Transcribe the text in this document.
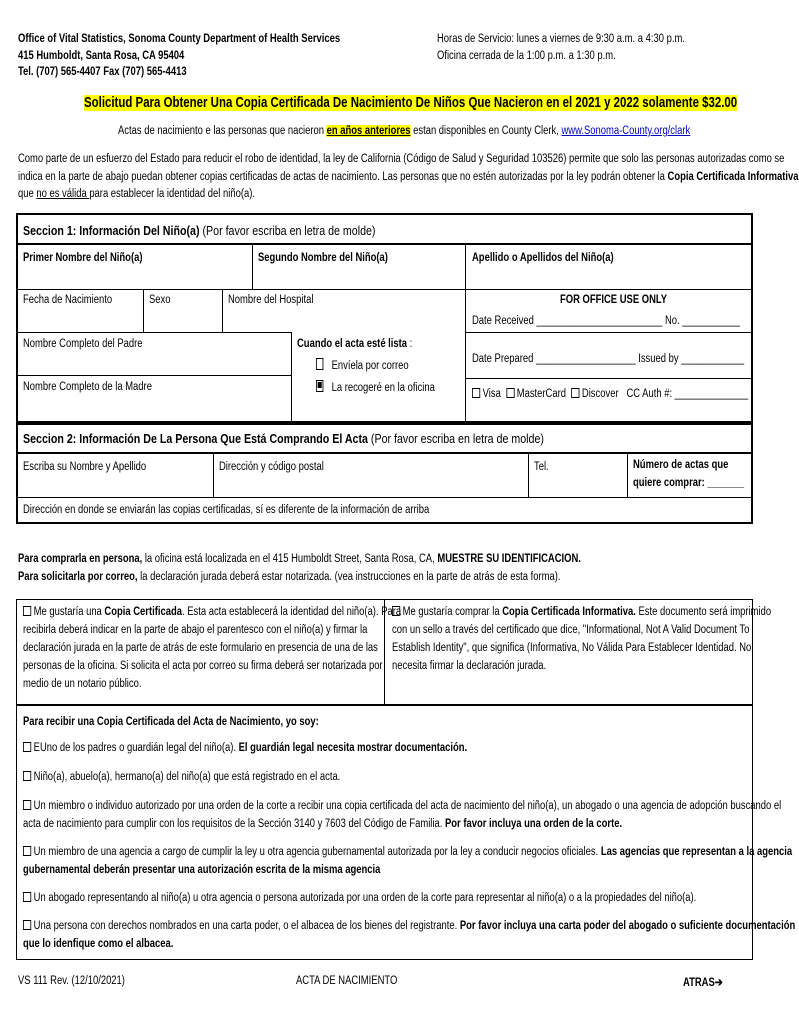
Office of Vital Statistics, Sonoma County Department of Health Services
415 Humboldt, Santa Rosa, CA 95404
Tel. (707) 565-4407 Fax (707) 565-4413
Horas de Servicio: lunes a viernes de 9:30 a.m. a 4:30 p.m.
Oficina cerrada de la 1:00 p.m. a 1:30 p.m.
Solicitud Para Obtener Una Copia Certificada De Nacimiento De Niños Que Nacieron en el 2021 y 2022 solamente $32.00
Actas de nacimiento e las personas que nacieron en años anteriores estan disponibles en County Clerk, www.Sonoma-County.org/clark
Como parte de un esfuerzo del Estado para reducir el robo de identidad, la ley de California (Código de Salud y Seguridad 103526) permite que solo las personas autorizadas como se
indica en la parte de abajo puedan obtener copias certificadas de actas de nacimiento. Las personas que no estén autorizadas por la ley podrán obtener la Copia Certificada Informativa
que no es válida para establecer la identidad del niño(a).
Seccion 1: Información Del Niño(a) (Por favor escriba en letra de molde)
Primer Nombre del Niño(a)	Segundo Nombre del Niño(a)	Apellido o Apellidos del Niño(a)
Fecha de Nacimiento	Sexo	Nombre del Hospital
Nombre Completo del Padre
Nombre Completo de la Madre
Cuando el acta esté lista :
Envíela por correo
La recogeré en la oficina
FOR OFFICE USE ONLY
Date Received ________________________ No. ___________
Date Prepared ___________________ Issued by ____________
Visa MasterCard Discover CC Auth #: ______________
Seccion 2: Información De La Persona Que Está Comprando El Acta (Por favor escriba en letra de molde)
Escriba su Nombre y Apellido	Dirección y código postal	Tel.	Número de actas que
quiere comprar: _______
Dirección en donde se enviarán las copias certificadas, sí es diferente de la información de arriba
Para comprarla en persona, la oficina está localizada en el 415 Humboldt Street, Santa Rosa, CA, MUESTRE SU IDENTIFICACION.
Para solicitarla por correo, la declaración jurada deberá estar notarizada. (vea instrucciones en la parte de atrás de esta forma).
Me gustaría una Copia Certificada. Esta acta establecerá la identidad del niño(a). Para
recibirla deberá indicar en la parte de abajo el parentesco con el niño(a) y firmar la
declaración jurada en la parte de atrás de este formulario en presencia de una de las
personas de la oficina. Si solicita el acta por correo su firma deberá ser notarizada por
medio de un notario público.
Me gustaría comprar la Copia Certificada Informativa. Este documento será imprimido
con un sello a través del certificado que dice, "Informational, Not A Valid Document To
Establish Identity", que significa (Informativa, No Válida Para Establecer Identidad. No
necesita firmar la declaración jurada.
Para recibir una Copia Certificada del Acta de Nacimiento, yo soy:
EUno de los padres o guardián legal del niño(a). El guardián legal necesita mostrar documentación.
Niño(a), abuelo(a), hermano(a) del niño(a) que está registrado en el acta.
Un miembro o individuo autorizado por una orden de la corte a recibir una copia certificada del acta de nacimiento del niño(a), un abogado o una agencia de adopción buscando el
acta de nacimiento para cumplir con los requisitos de la Sección 3140 y 7603 del Código de Familia. Por favor incluya una orden de la corte.
Un miembro de una agencia a cargo de cumplir la ley u otra agencia gubernamental autorizada por la ley a conducir negocios oficiales. Las agencias que representan a la agencia
gubernamental deberán presentar una autorización escrita de la misma agencia
Un abogado representando al niño(a) u otra agencia o persona autorizada por una orden de la corte para representar al niño(a) o a la propiedades del niño(a).
Una persona con derechos nombrados en una carta poder, o el albacea de los bienes del registrante. Por favor incluya una carta poder del abogado o suficiente documentación
que lo idenfique como el albacea.
VS 111 Rev. (12/10/2021)	ACTA DE NACIMIENTO	ATRAS➔
